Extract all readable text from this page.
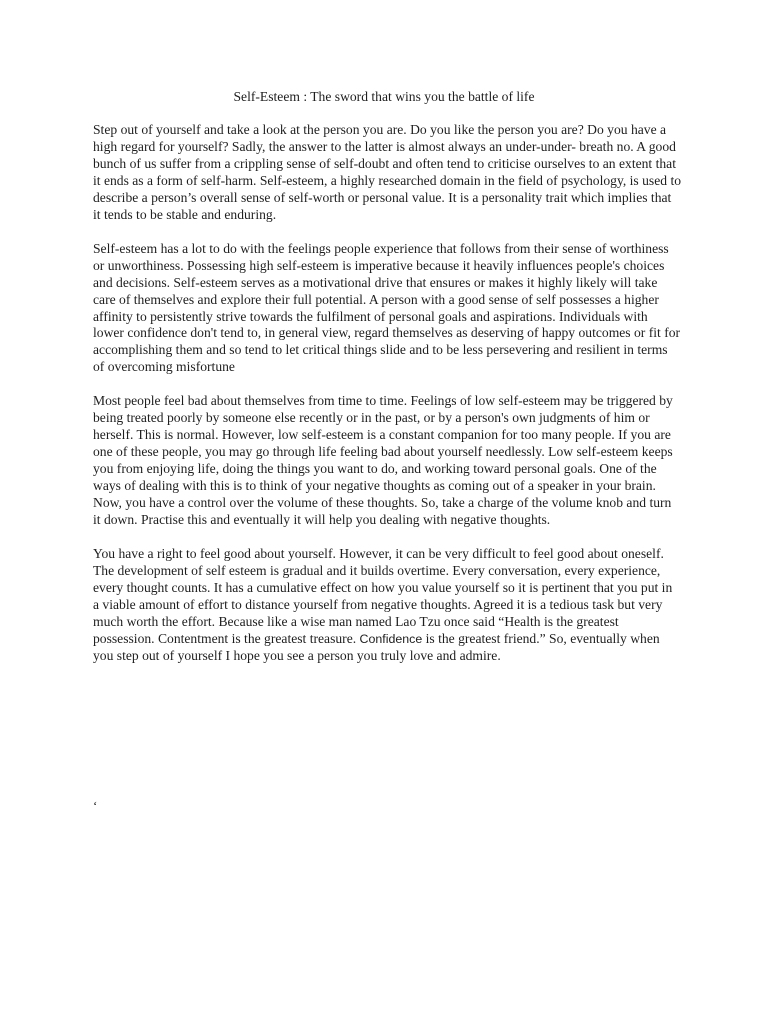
Self-Esteem : The sword that wins you the battle of life

Step out of yourself and take a look at the person you are. Do you like the person you are? Do you have a high regard for yourself? Sadly, the answer to the latter is almost always an under-under- breath no. A good bunch of us suffer from a crippling sense of self-doubt and often tend to criticise ourselves to an extent that it ends as a form of self-harm. Self-esteem, a highly researched domain in the field of psychology, is used to describe a person’s overall sense of self-worth or personal value. It is a personality trait which implies that it tends to be stable and enduring.

Self-esteem has a lot to do with the feelings people experience that follows from their sense of worthiness or unworthiness. Possessing high self-esteem is imperative because it heavily influences people's choices and decisions. Self-esteem serves as a motivational drive that ensures or makes it highly likely will take care of themselves and explore their full potential. A person with a good sense of self possesses a higher affinity to persistently strive towards the fulfilment of personal goals and aspirations. Individuals with lower confidence don't tend to, in general view, regard themselves as deserving of happy outcomes or fit for accomplishing them and so tend to let critical things slide and to be less persevering and resilient in terms of overcoming misfortune

Most people feel bad about themselves from time to time. Feelings of low self-esteem may be triggered by being treated poorly by someone else recently or in the past, or by a person's own judgments of him or herself. This is normal. However, low self-esteem is a constant companion for too many people. If you are one of these people, you may go through life feeling bad about yourself needlessly. Low self-esteem keeps you from enjoying life, doing the things you want to do, and working toward personal goals. One of the ways of dealing with this is to think of your negative thoughts as coming out of a speaker in your brain. Now, you have a control over the volume of these thoughts. So, take a charge of the volume knob and turn it down. Practise this and eventually it will help you dealing with negative thoughts.

You have a right to feel good about yourself. However, it can be very difficult to feel good about oneself. The development of self esteem is gradual and it builds overtime. Every conversation, every experience, every thought counts. It has a cumulative effect on how you value yourself so it is pertinent that you put in a viable amount of effort to distance yourself from negative thoughts. Agreed it is a tedious task but very much worth the effort. Because like a wise man named Lao Tzu once said “Health is the greatest possession. Contentment is the greatest treasure. Confidence is the greatest friend.” So, eventually when you step out of yourself I hope you see a person you truly love and admire.

‘
